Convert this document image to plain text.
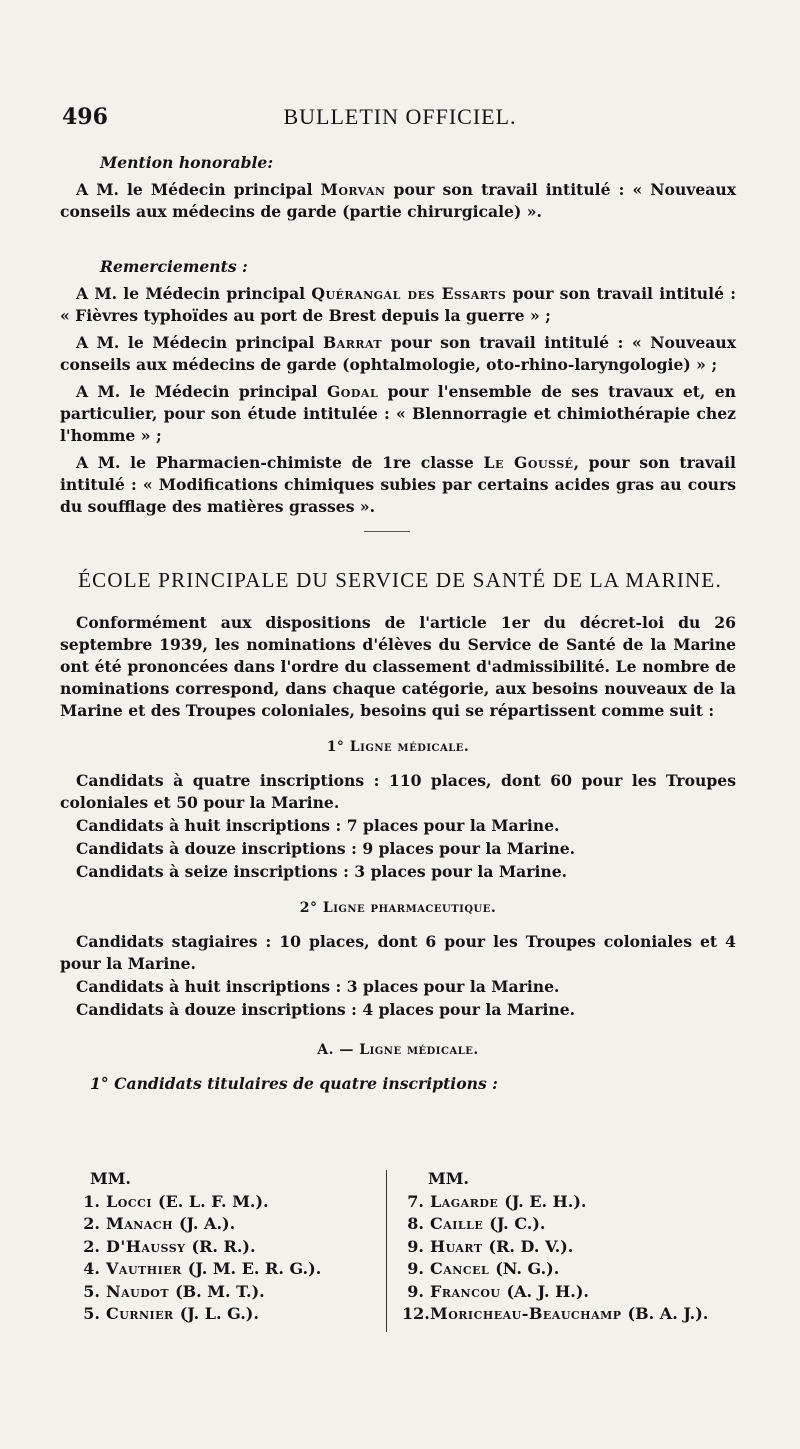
496	BULLETIN OFFICIEL.

Mention honorable:

A M. le Médecin principal Morvan pour son travail intitulé : « Nouveaux conseils aux médecins de garde (partie chirurgicale) ».

Remerciements :

A M. le Médecin principal Quérangal des Essarts pour son travail intitulé : « Fièvres typhoïdes au port de Brest depuis la guerre » ;

A M. le Médecin principal Barrat pour son travail intitulé : « Nouveaux conseils aux médecins de garde (ophtalmologie, oto-rhino-laryngologie) » ;

A M. le Médecin principal Godal pour l'ensemble de ses travaux et, en particulier, pour son étude intitulée : « Blennorragie et chimiothérapie chez l'homme » ;

A M. le Pharmacien-chimiste de 1re classe Le Goussé, pour son travail intitulé : « Modifications chimiques subies par certains acides gras au cours du soufflage des matières grasses ».

ÉCOLE PRINCIPALE DU SERVICE DE SANTÉ DE LA MARINE.

Conformément aux dispositions de l'article 1er du décret-loi du 26 septembre 1939, les nominations d'élèves du Service de Santé de la Marine ont été prononcées dans l'ordre du classement d'admissibilité. Le nombre de nominations correspond, dans chaque catégorie, aux besoins nouveaux de la Marine et des Troupes coloniales, besoins qui se répartissent comme suit :

1° Ligne médicale.

Candidats à quatre inscriptions : 110 places, dont 60 pour les Troupes coloniales et 50 pour la Marine.

Candidats à huit inscriptions : 7 places pour la Marine.

Candidats à douze inscriptions : 9 places pour la Marine.

Candidats à seize inscriptions : 3 places pour la Marine.

2° Ligne pharmaceutique.

Candidats stagiaires : 10 places, dont 6 pour les Troupes coloniales et 4 pour la Marine.

Candidats à huit inscriptions : 3 places pour la Marine.

Candidats à douze inscriptions : 4 places pour la Marine.

A. — Ligne médicale.

1° Candidats titulaires de quatre inscriptions :

MM.
1. Locci (E. L. F. M.).
2. Manach (J. A.).
2. D'Haussy (R. R.).
4. Vauthier (J. M. E. R. G.).
5. Naudot (B. M. T.).
5. Curnier (J. L. G.).
MM.
7. Lagarde (J. E. H.).
8. Caille (J. C.).
9. Huart (R. D. V.).
9. Cancel (N. G.).
9. Francou (A. J. H.).
12.Moricheau-Beauchamp (B. A. J.).
